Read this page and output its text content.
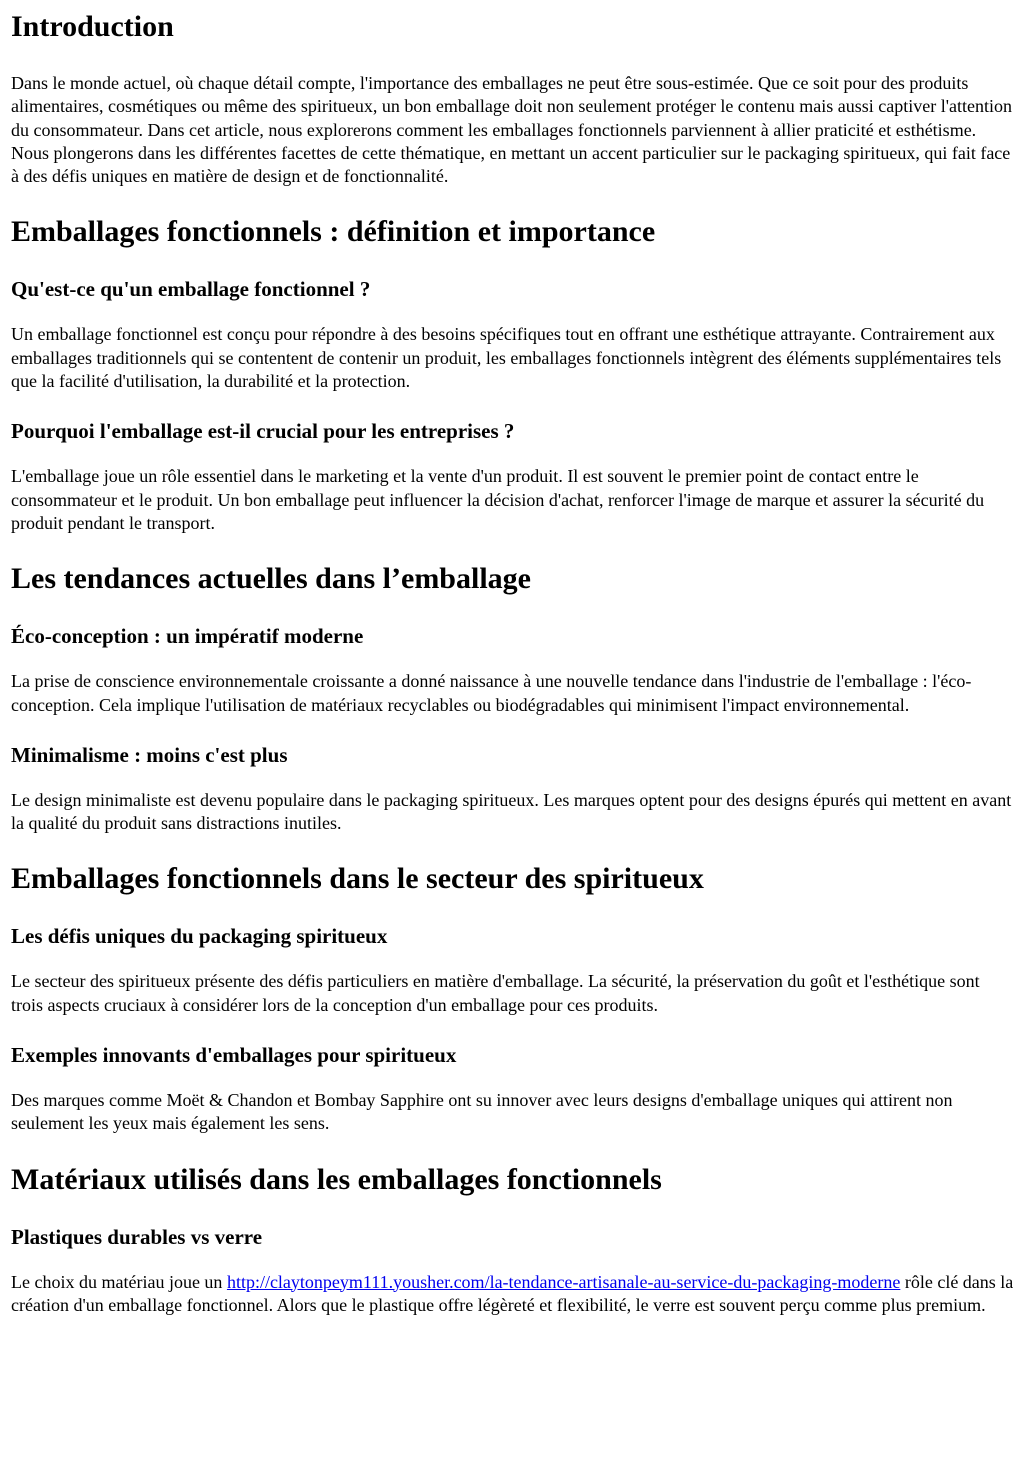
Introduction

Dans le monde actuel, où chaque détail compte, l'importance des emballages ne peut être sous-estimée. Que ce soit pour des produits alimentaires, cosmétiques ou même des spiritueux, un bon emballage doit non seulement protéger le contenu mais aussi captiver l'attention du consommateur. Dans cet article, nous explorerons comment les emballages fonctionnels parviennent à allier praticité et esthétisme. Nous plongerons dans les différentes facettes de cette thématique, en mettant un accent particulier sur le packaging spiritueux, qui fait face à des défis uniques en matière de design et de fonctionnalité.

Emballages fonctionnels : définition et importance
Qu'est-ce qu'un emballage fonctionnel ?

Un emballage fonctionnel est conçu pour répondre à des besoins spécifiques tout en offrant une esthétique attrayante. Contrairement aux emballages traditionnels qui se contentent de contenir un produit, les emballages fonctionnels intègrent des éléments supplémentaires tels que la facilité d'utilisation, la durabilité et la protection.

Pourquoi l'emballage est-il crucial pour les entreprises ?

L'emballage joue un rôle essentiel dans le marketing et la vente d'un produit. Il est souvent le premier point de contact entre le consommateur et le produit. Un bon emballage peut influencer la décision d'achat, renforcer l'image de marque et assurer la sécurité du produit pendant le transport.

Les tendances actuelles dans l’emballage
Éco-conception : un impératif moderne

La prise de conscience environnementale croissante a donné naissance à une nouvelle tendance dans l'industrie de l'emballage : l'éco-conception. Cela implique l'utilisation de matériaux recyclables ou biodégradables qui minimisent l'impact environnemental.

Minimalisme : moins c'est plus

Le design minimaliste est devenu populaire dans le packaging spiritueux. Les marques optent pour des designs épurés qui mettent en avant la qualité du produit sans distractions inutiles.

Emballages fonctionnels dans le secteur des spiritueux
Les défis uniques du packaging spiritueux

Le secteur des spiritueux présente des défis particuliers en matière d'emballage. La sécurité, la préservation du goût et l'esthétique sont trois aspects cruciaux à considérer lors de la conception d'un emballage pour ces produits.

Exemples innovants d'emballages pour spiritueux

Des marques comme Moët & Chandon et Bombay Sapphire ont su innover avec leurs designs d'emballage uniques qui attirent non seulement les yeux mais également les sens.

Matériaux utilisés dans les emballages fonctionnels
Plastiques durables vs verre

Le choix du matériau joue un http://claytonpeym111.yousher.com/la-tendance-artisanale-au-service-du-packaging-moderne rôle clé dans la création d'un emballage fonctionnel. Alors que le plastique offre légèreté et flexibilité, le verre est souvent perçu comme plus premium.
